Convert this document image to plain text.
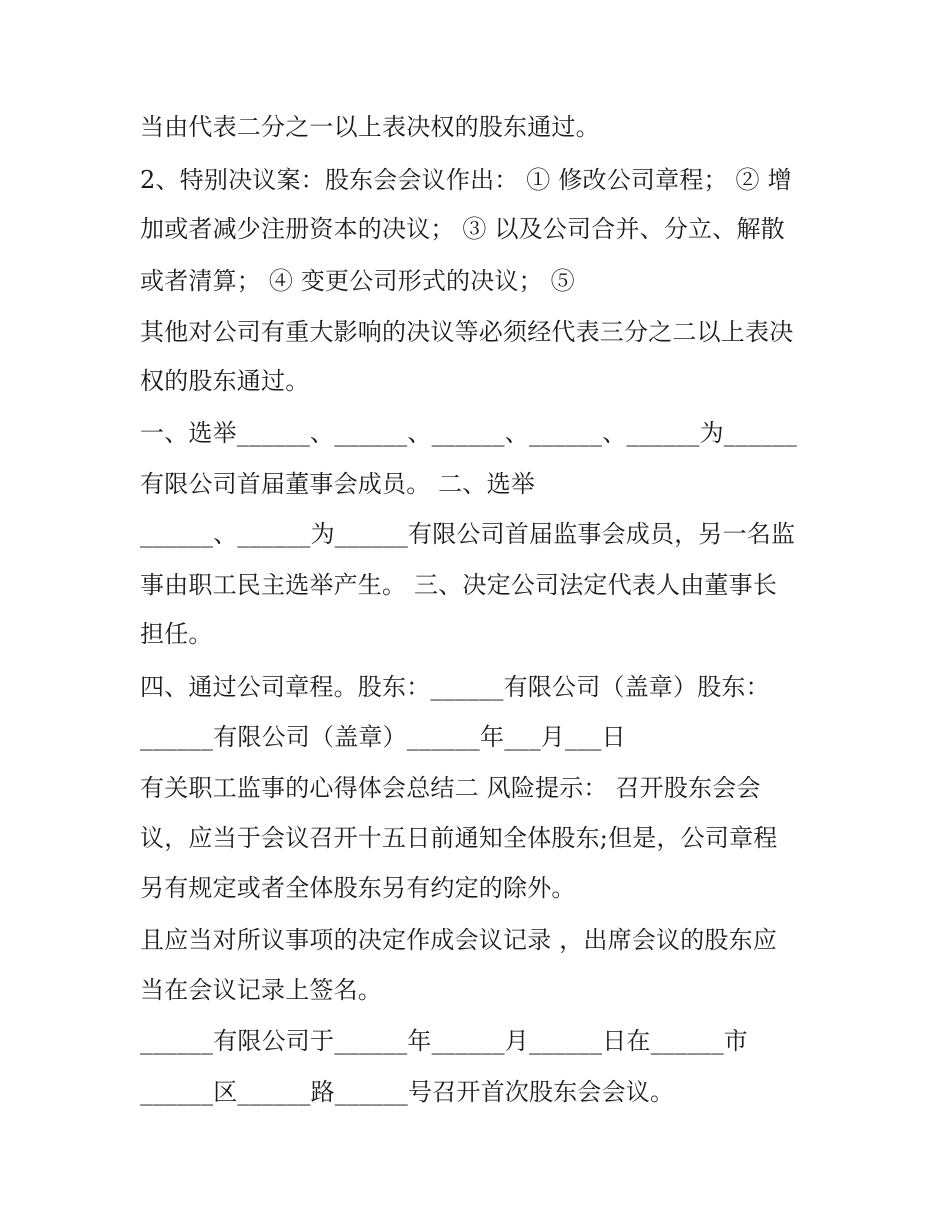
当由代表二分之一以上表决权的股东通过。
2、特别决议案：股东会会议作出： ① 修改公司章程； ② 增
加或者减少注册资本的决议； ③ 以及公司合并、分立、解散
或者清算； ④ 变更公司形式的决议； ⑤
其他对公司有重大影响的决议等必须经代表三分之二以上表决
权的股东通过。
一、选举______、______、______、______、______为______
有限公司首届董事会成员。 二、选举
______、______为______有限公司首届监事会成员，另一名监
事由职工民主选举产生。 三、决定公司法定代表人由董事长
担任。
四、通过公司章程。股东：______有限公司（盖章）股东：
______有限公司（盖章）______年___月___日
有关职工监事的心得体会总结二 风险提示： 召开股东会会
议，应当于会议召开十五日前通知全体股东;但是，公司章程
另有规定或者全体股东另有约定的除外。
且应当对所议事项的决定作成会议记录 ，出席会议的股东应
当在会议记录上签名。
______有限公司于______年______月______日在______市
______区______路______号召开首次股东会会议。
